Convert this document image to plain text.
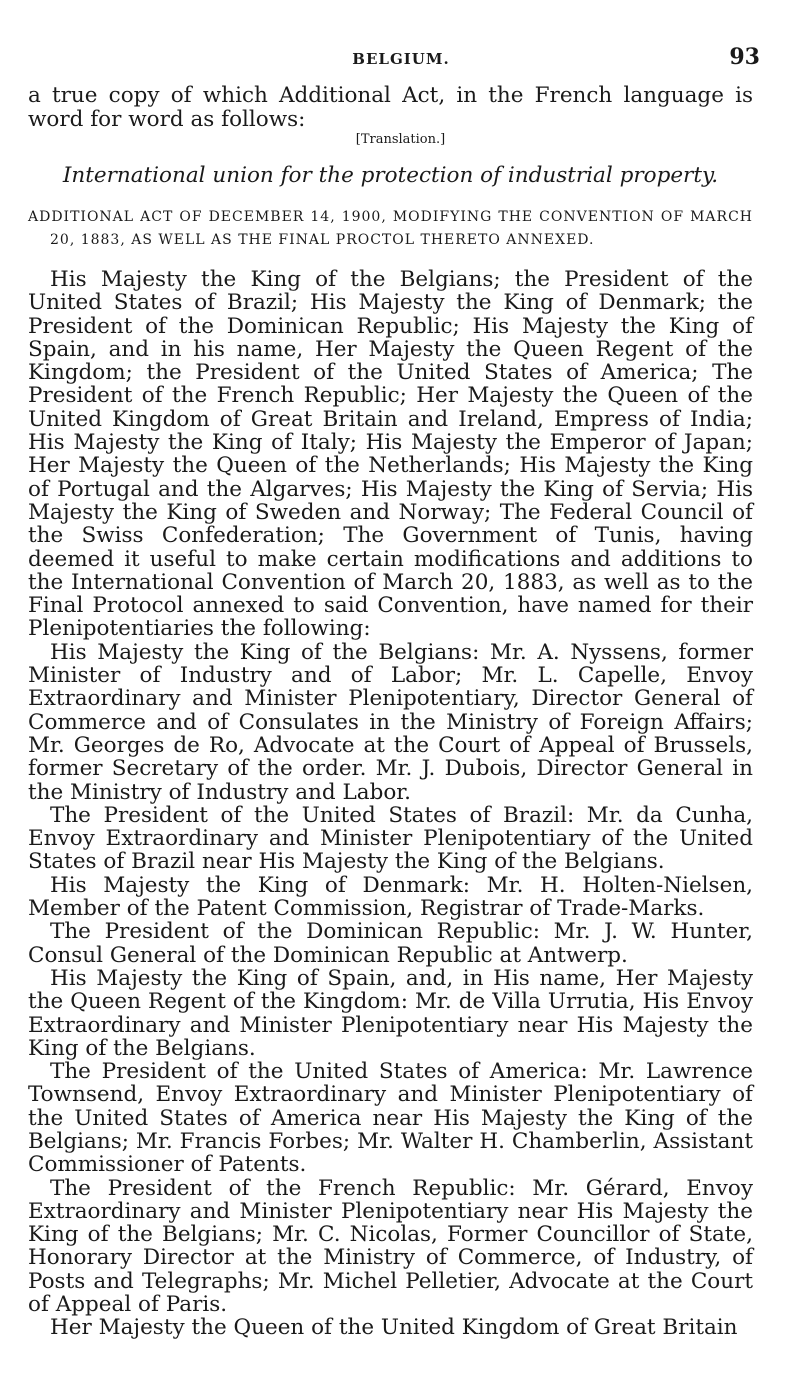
BELGIUM.	93

a true copy of which Additional Act, in the French language is word for word as follows:

[Translation.]
International union for the protection of industrial property.

ADDITIONAL ACT OF DECEMBER 14, 1900, MODIFYING THE CONVENTION OF MARCH 20, 1883, AS WELL AS THE FINAL PROCTOL THERETO ANNEXED.

His Majesty the King of the Belgians; the President of the United States of Brazil; His Majesty the King of Denmark; the President of the Dominican Republic; His Majesty the King of Spain, and in his name, Her Majesty the Queen Regent of the Kingdom; the President of the United States of America; The President of the French Republic; Her Majesty the Queen of the United Kingdom of Great Britain and Ireland, Empress of India; His Majesty the King of Italy; His Majesty the Emperor of Japan; Her Majesty the Queen of the Netherlands; His Majesty the King of Portugal and the Algarves; His Majesty the King of Servia; His Majesty the King of Sweden and Norway; The Federal Council of the Swiss Confederation; The Government of Tunis, having deemed it useful to make certain modifications and additions to the International Convention of March 20, 1883, as well as to the Final Protocol annexed to said Convention, have named for their Plenipotentiaries the following:

His Majesty the King of the Belgians: Mr. A. Nyssens, former Minister of Industry and of Labor; Mr. L. Capelle, Envoy Extraordinary and Minister Plenipotentiary, Director General of Commerce and of Consulates in the Ministry of Foreign Affairs; Mr. Georges de Ro, Advocate at the Court of Appeal of Brussels, former Secretary of the order. Mr. J. Dubois, Director General in the Ministry of Industry and Labor.

The President of the United States of Brazil: Mr. da Cunha, Envoy Extraordinary and Minister Plenipotentiary of the United States of Brazil near His Majesty the King of the Belgians.

His Majesty the King of Denmark: Mr. H. Holten-Nielsen, Member of the Patent Commission, Registrar of Trade-Marks.

The President of the Dominican Republic: Mr. J. W. Hunter, Consul General of the Dominican Republic at Antwerp.

His Majesty the King of Spain, and, in His name, Her Majesty the Queen Regent of the Kingdom: Mr. de Villa Urrutia, His Envoy Extraordinary and Minister Plenipotentiary near His Majesty the King of the Belgians.

The President of the United States of America: Mr. Lawrence Townsend, Envoy Extraordinary and Minister Plenipotentiary of the United States of America near His Majesty the King of the Belgians; Mr. Francis Forbes; Mr. Walter H. Chamberlin, Assistant Commissioner of Patents.

The President of the French Republic: Mr. Gérard, Envoy Extraordinary and Minister Plenipotentiary near His Majesty the King of the Belgians; Mr. C. Nicolas, Former Councillor of State, Honorary Director at the Ministry of Commerce, of Industry, of Posts and Telegraphs; Mr. Michel Pelletier, Advocate at the Court of Appeal of Paris.

Her Majesty the Queen of the United Kingdom of Great Britain
